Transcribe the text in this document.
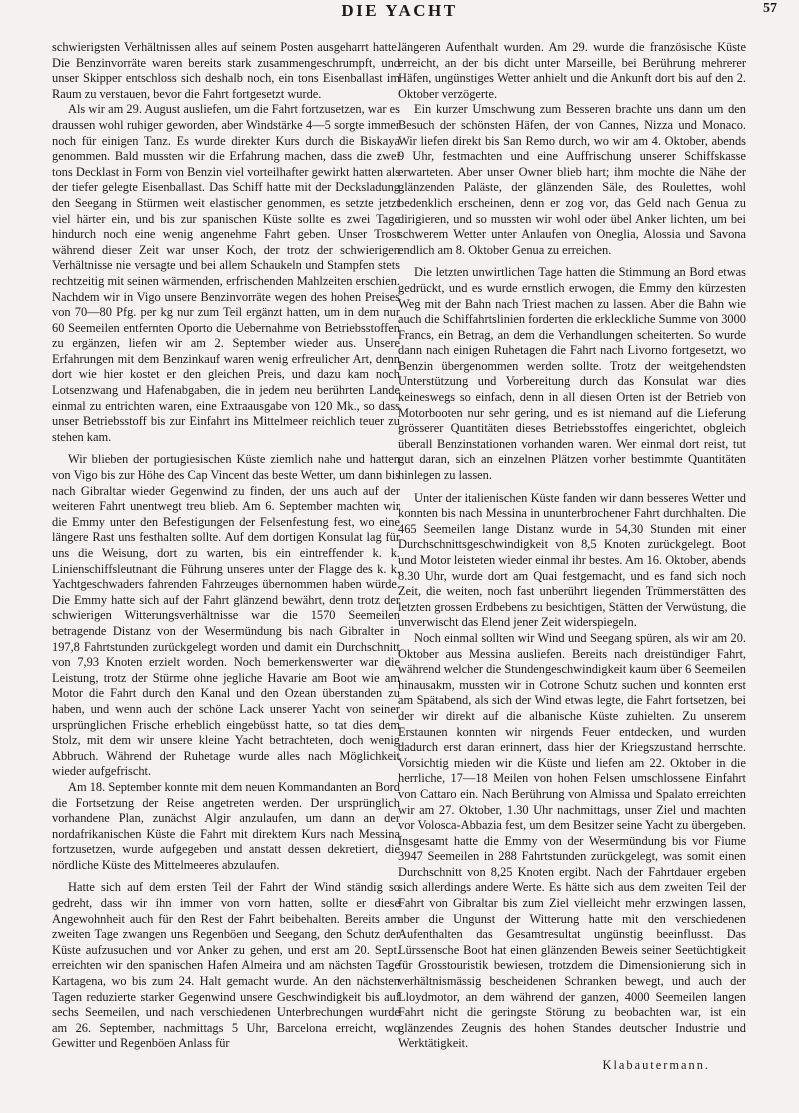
DIE YACHT	57

schwierigsten Verhältnissen alles auf seinem Posten ausgeharrt hatte. Die Benzinvorräte waren bereits stark zusammengeschrumpft, und unser Skipper entschloss sich deshalb noch, ein tons Eisenballast im Raum zu verstauen, bevor die Fahrt fortgesetzt wurde.

Als wir am 29. August ausliefen, um die Fahrt fortzusetzen, war es draussen wohl ruhiger geworden, aber Windstärke 4—5 sorgte immer noch für einigen Tanz. Es wurde direkter Kurs durch die Biskaya genommen. Bald mussten wir die Erfahrung machen, dass die zwei tons Decklast in Form von Benzin viel vorteilhafter gewirkt hatten als der tiefer gelegte Eisenballast. Das Schiff hatte mit der Decksladung den Seegang in Stürmen weit elastischer genommen, es setzte jetzt viel härter ein, und bis zur spanischen Küste sollte es zwei Tage hindurch noch eine wenig angenehme Fahrt geben. Unser Trost während dieser Zeit war unser Koch, der trotz der schwierigen Verhältnisse nie versagte und bei allem Schaukeln und Stampfen stets rechtzeitig mit seinen wärmenden, erfrischenden Mahlzeiten erschien. Nachdem wir in Vigo unsere Benzinvorräte wegen des hohen Preises von 70—80 Pfg. per kg nur zum Teil ergänzt hatten, um in dem nur 60 Seemeilen entfernten Oporto die Uebernahme von Betriebsstoffen zu ergänzen, liefen wir am 2. September wieder aus. Unsere Erfahrungen mit dem Benzinkauf waren wenig erfreulicher Art, denn dort wie hier kostet er den gleichen Preis, und dazu kam noch Lotsenzwang und Hafenabgaben, die in jedem neu berührten Lande einmal zu entrichten waren, eine Extraausgabe von 120 Mk., so dass unser Betriebsstoff bis zur Einfahrt ins Mittelmeer reichlich teuer zu stehen kam.

Wir blieben der portugiesischen Küste ziemlich nahe und hatten von Vigo bis zur Höhe des Cap Vincent das beste Wetter, um dann bis nach Gibraltar wieder Gegenwind zu finden, der uns auch auf der weiteren Fahrt unentwegt treu blieb. Am 6. September machten wir die Emmy unter den Befestigungen der Felsenfestung fest, wo eine längere Rast uns festhalten sollte. Auf dem dortigen Konsulat lag für uns die Weisung, dort zu warten, bis ein eintreffender k. k. Linienschiffsleutnant die Führung unseres unter der Flagge des k. k. Yachtgeschwaders fahrenden Fahrzeuges übernommen haben würde. Die Emmy hatte sich auf der Fahrt glänzend bewährt, denn trotz der schwierigen Witterungsverhältnisse war die 1570 Seemeilen betragende Distanz von der Wesermündung bis nach Gibralter in 197,8 Fahrtstunden zurückgelegt worden und damit ein Durchschnitt von 7,93 Knoten erzielt worden. Noch bemerkenswerter war die Leistung, trotz der Stürme ohne jegliche Havarie am Boot wie am Motor die Fahrt durch den Kanal und den Ozean überstanden zu haben, und wenn auch der schöne Lack unserer Yacht von seiner ursprünglichen Frische erheblich eingebüsst hatte, so tat dies dem Stolz, mit dem wir unsere kleine Yacht betrachteten, doch wenig Abbruch. Während der Ruhetage wurde alles nach Möglichkeit wieder aufgefrischt.

Am 18. September konnte mit dem neuen Kommandanten an Bord die Fortsetzung der Reise angetreten werden. Der ursprünglich vorhandene Plan, zunächst Algir anzulaufen, um dann an der nordafrikanischen Küste die Fahrt mit direktem Kurs nach Messina fortzusetzen, wurde aufgegeben und anstatt dessen dekretiert, die nördliche Küste des Mittelmeeres abzulaufen.

Hatte sich auf dem ersten Teil der Fahrt der Wind ständig so gedreht, dass wir ihn immer von vorn hatten, sollte er diese Angewohnheit auch für den Rest der Fahrt beibehalten. Bereits am zweiten Tage zwangen uns Regenböen und Seegang, den Schutz der Küste aufzusuchen und vor Anker zu gehen, und erst am 20. Sept. erreichten wir den spanischen Hafen Almeira und am nächsten Tage Kartagena, wo bis zum 24. Halt gemacht wurde. An den nächsten Tagen reduzierte starker Gegenwind unsere Geschwindigkeit bis auf sechs Seemeilen, und nach verschiedenen Unterbrechungen wurde am 26. September, nachmittags 5 Uhr, Barcelona erreicht, wo Gewitter und Regenböen Anlass für

längeren Aufenthalt wurden. Am 29. wurde die französische Küste erreicht, an der bis dicht unter Marseille, bei Berührung mehrerer Häfen, ungünstiges Wetter anhielt und die Ankunft dort bis auf den 2. Oktober verzögerte.

Ein kurzer Umschwung zum Besseren brachte uns dann um den Besuch der schönsten Häfen, der von Cannes, Nizza und Monaco. Wir liefen direkt bis San Remo durch, wo wir am 4. Oktober, abends 9 Uhr, festmachten und eine Auffrischung unserer Schiffskasse erwarteten. Aber unser Owner blieb hart; ihm mochte die Nähe der glänzenden Paläste, der glänzenden Säle, des Roulettes, wohl bedenklich erscheinen, denn er zog vor, das Geld nach Genua zu dirigieren, und so mussten wir wohl oder übel Anker lichten, um bei schwerem Wetter unter Anlaufen von Oneglia, Alossia und Savona endlich am 8. Oktober Genua zu erreichen.

Die letzten unwirtlichen Tage hatten die Stimmung an Bord etwas gedrückt, und es wurde ernstlich erwogen, die Emmy den kürzesten Weg mit der Bahn nach Triest machen zu lassen. Aber die Bahn wie auch die Schiffahrtslinien forderten die erkleckliche Summe von 3000 Francs, ein Betrag, an dem die Verhandlungen scheiterten. So wurde dann nach einigen Ruhetagen die Fahrt nach Livorno fortgesetzt, wo Benzin übergenommen werden sollte. Trotz der weitgehendsten Unterstützung und Vorbereitung durch das Konsulat war dies keineswegs so einfach, denn in all diesen Orten ist der Betrieb von Motorbooten nur sehr gering, und es ist niemand auf die Lieferung grösserer Quantitäten dieses Betriebsstoffes eingerichtet, obgleich überall Benzinstationen vorhanden waren. Wer einmal dort reist, tut gut daran, sich an einzelnen Plätzen vorher bestimmte Quantitäten hinlegen zu lassen.

Unter der italienischen Küste fanden wir dann besseres Wetter und konnten bis nach Messina in ununterbrochener Fahrt durchhalten. Die 465 Seemeilen lange Distanz wurde in 54,30 Stunden mit einer Durchschnittsgeschwindigkeit von 8,5 Knoten zurückgelegt. Boot und Motor leisteten wieder einmal ihr bestes. Am 16. Oktober, abends 8.30 Uhr, wurde dort am Quai festgemacht, und es fand sich noch Zeit, die weiten, noch fast unberührt liegenden Trümmerstätten des letzten grossen Erdbebens zu besichtigen, Stätten der Verwüstung, die unverwischt das Elend jener Zeit widerspiegeln.

Noch einmal sollten wir Wind und Seegang spüren, als wir am 20. Oktober aus Messina ausliefen. Bereits nach dreistündiger Fahrt, während welcher die Stundengeschwindigkeit kaum über 6 Seemeilen hinausakm, mussten wir in Cotrone Schutz suchen und konnten erst am Spätabend, als sich der Wind etwas legte, die Fahrt fortsetzen, bei der wir direkt auf die albanische Küste zuhielten. Zu unserem Erstaunen konnten wir nirgends Feuer entdecken, und wurden dadurch erst daran erinnert, dass hier der Kriegszustand herrschte. Vorsichtig mieden wir die Küste und liefen am 22. Oktober in die herrliche, 17—18 Meilen von hohen Felsen umschlossene Einfahrt von Cattaro ein. Nach Berührung von Almissa und Spalato erreichten wir am 27. Oktober, 1.30 Uhr nachmittags, unser Ziel und machten vor Volosca-Abbazia fest, um dem Besitzer seine Yacht zu übergeben. Insgesamt hatte die Emmy von der Wesermündung bis vor Fiume 3947 Seemeilen in 288 Fahrtstunden zurückgelegt, was somit einen Durchschnitt von 8,25 Knoten ergibt. Nach der Fahrtdauer ergeben sich allerdings andere Werte. Es hätte sich aus dem zweiten Teil der Fahrt von Gibraltar bis zum Ziel vielleicht mehr erzwingen lassen, aber die Ungunst der Witterung hatte mit den verschiedenen Aufenthalten das Gesamtresultat ungünstig beeinflusst. Das Lürssensche Boot hat einen glänzenden Beweis seiner Seetüchtigkeit für Grosstouristik bewiesen, trotzdem die Dimensionierung sich in verhältnismässig bescheidenen Schranken bewegt, und auch der Lloydmotor, an dem während der ganzen, 4000 Seemeilen langen Fahrt nicht die geringste Störung zu beobachten war, ist ein glänzendes Zeugnis des hohen Standes deutscher Industrie und Werktätigkeit.

Klabautermann.
